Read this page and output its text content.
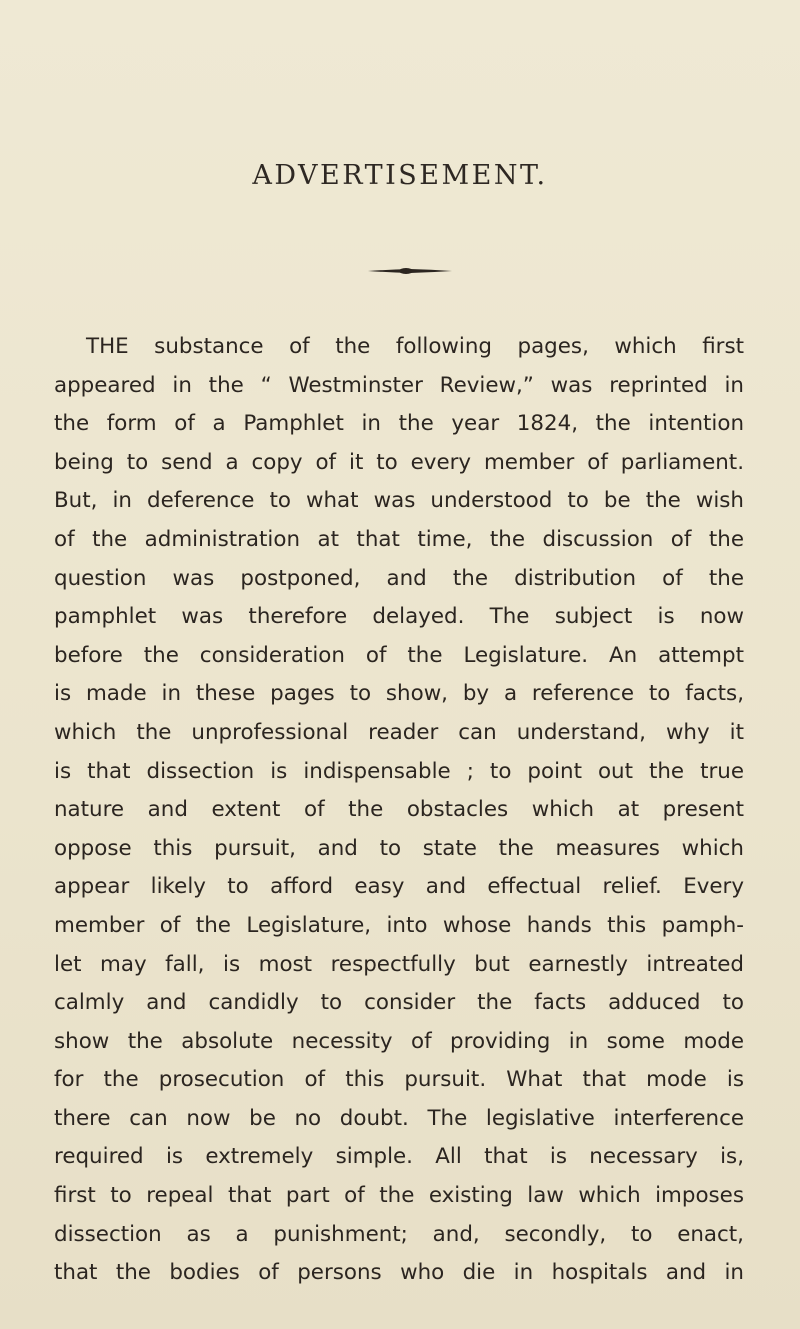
ADVERTISEMENT.
THE substance of the following pages, which first
appeared in the “ Westminster Review,” was reprinted in
the form of a Pamphlet in the year 1824, the intention
being to send a copy of it to every member of parliament.
But, in deference to what was understood to be the wish
of the administration at that time, the discussion of the
question was postponed, and the distribution of the
pamphlet was therefore delayed. The subject is now
before the consideration of the Legislature. An attempt
is made in these pages to show, by a reference to facts,
which the unprofessional reader can understand, why it
is that dissection is indispensable ; to point out the true
nature and extent of the obstacles which at present
oppose this pursuit, and to state the measures which
appear likely to afford easy and effectual relief. Every
member of the Legislature, into whose hands this pamph-
let may fall, is most respectfully but earnestly intreated
calmly and candidly to consider the facts adduced to
show the absolute necessity of providing in some mode
for the prosecution of this pursuit. What that mode is
there can now be no doubt. The legislative interference
required is extremely simple. All that is necessary is,
first to repeal that part of the existing law which imposes
dissection as a punishment; and, secondly, to enact,
that the bodies of persons who die in hospitals and in
